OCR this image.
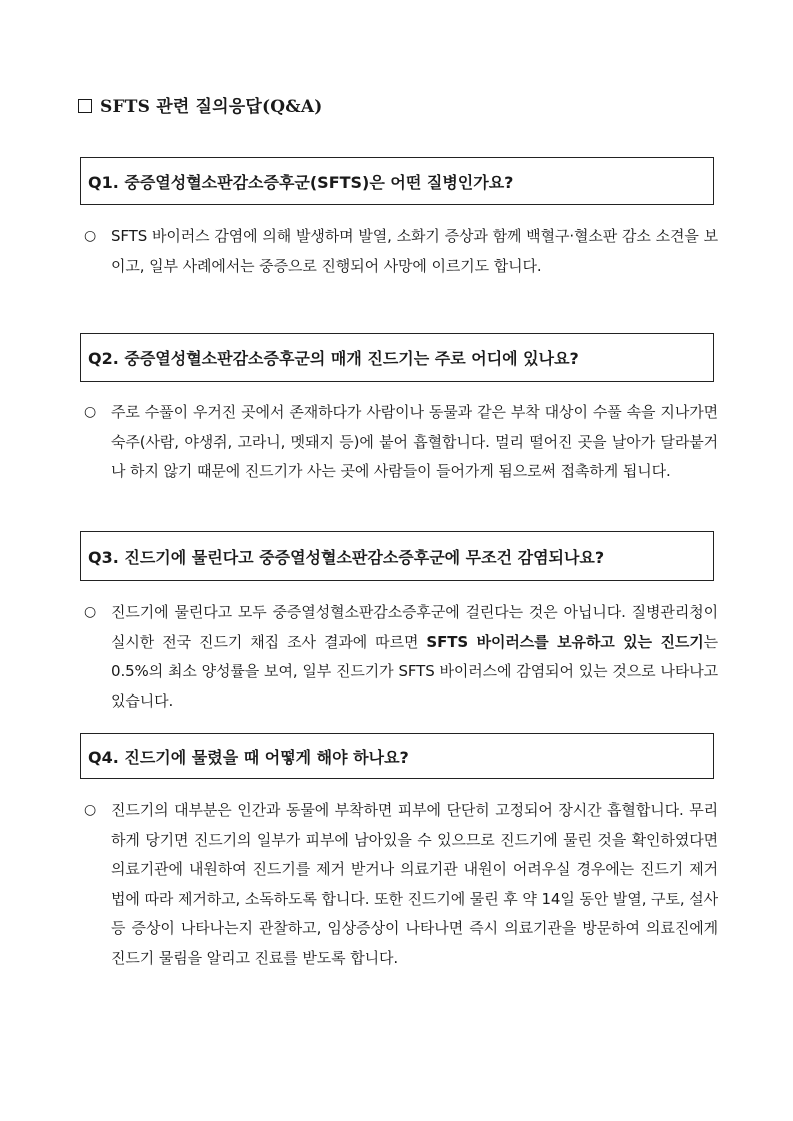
SFTS 관련 질의응답(Q&A)
Q1. 중증열성혈소판감소증후군(SFTS)은 어떤 질병인가요?
○ SFTS 바이러스 감염에 의해 발생하며 발열, 소화기 증상과 함께 백혈구·혈소판 감소 소견을 보이고, 일부 사례에서는 중증으로 진행되어 사망에 이르기도 합니다.
Q2. 중증열성혈소판감소증후군의 매개 진드기는 주로 어디에 있나요?
○ 주로 수풀이 우거진 곳에서 존재하다가 사람이나 동물과 같은 부착 대상이 수풀 속을 지나가면 숙주(사람, 야생쥐, 고라니, 멧돼지 등)에 붙어 흡혈합니다. 멀리 떨어진 곳을 날아가 달라붙거나 하지 않기 때문에 진드기가 사는 곳에 사람들이 들어가게 됨으로써 접촉하게 됩니다.
Q3. 진드기에 물린다고 중증열성혈소판감소증후군에 무조건 감염되나요?
○ 진드기에 물린다고 모두 중증열성혈소판감소증후군에 걸린다는 것은 아닙니다. 질병관리청이 실시한 전국 진드기 채집 조사 결과에 따르면 SFTS 바이러스를 보유하고 있는 진드기는 0.5%의 최소 양성률을 보여, 일부 진드기가 SFTS 바이러스에 감염되어 있는 것으로 나타나고 있습니다.
Q4. 진드기에 물렸을 때 어떻게 해야 하나요?
○ 진드기의 대부분은 인간과 동물에 부착하면 피부에 단단히 고정되어 장시간 흡혈합니다. 무리하게 당기면 진드기의 일부가 피부에 남아있을 수 있으므로 진드기에 물린 것을 확인하였다면 의료기관에 내원하여 진드기를 제거 받거나 의료기관 내원이 어려우실 경우에는 진드기 제거법에 따라 제거하고, 소독하도록 합니다. 또한 진드기에 물린 후 약 14일 동안 발열, 구토, 설사 등 증상이 나타나는지 관찰하고, 임상증상이 나타나면 즉시 의료기관을 방문하여 의료진에게 진드기 물림을 알리고 진료를 받도록 합니다.
